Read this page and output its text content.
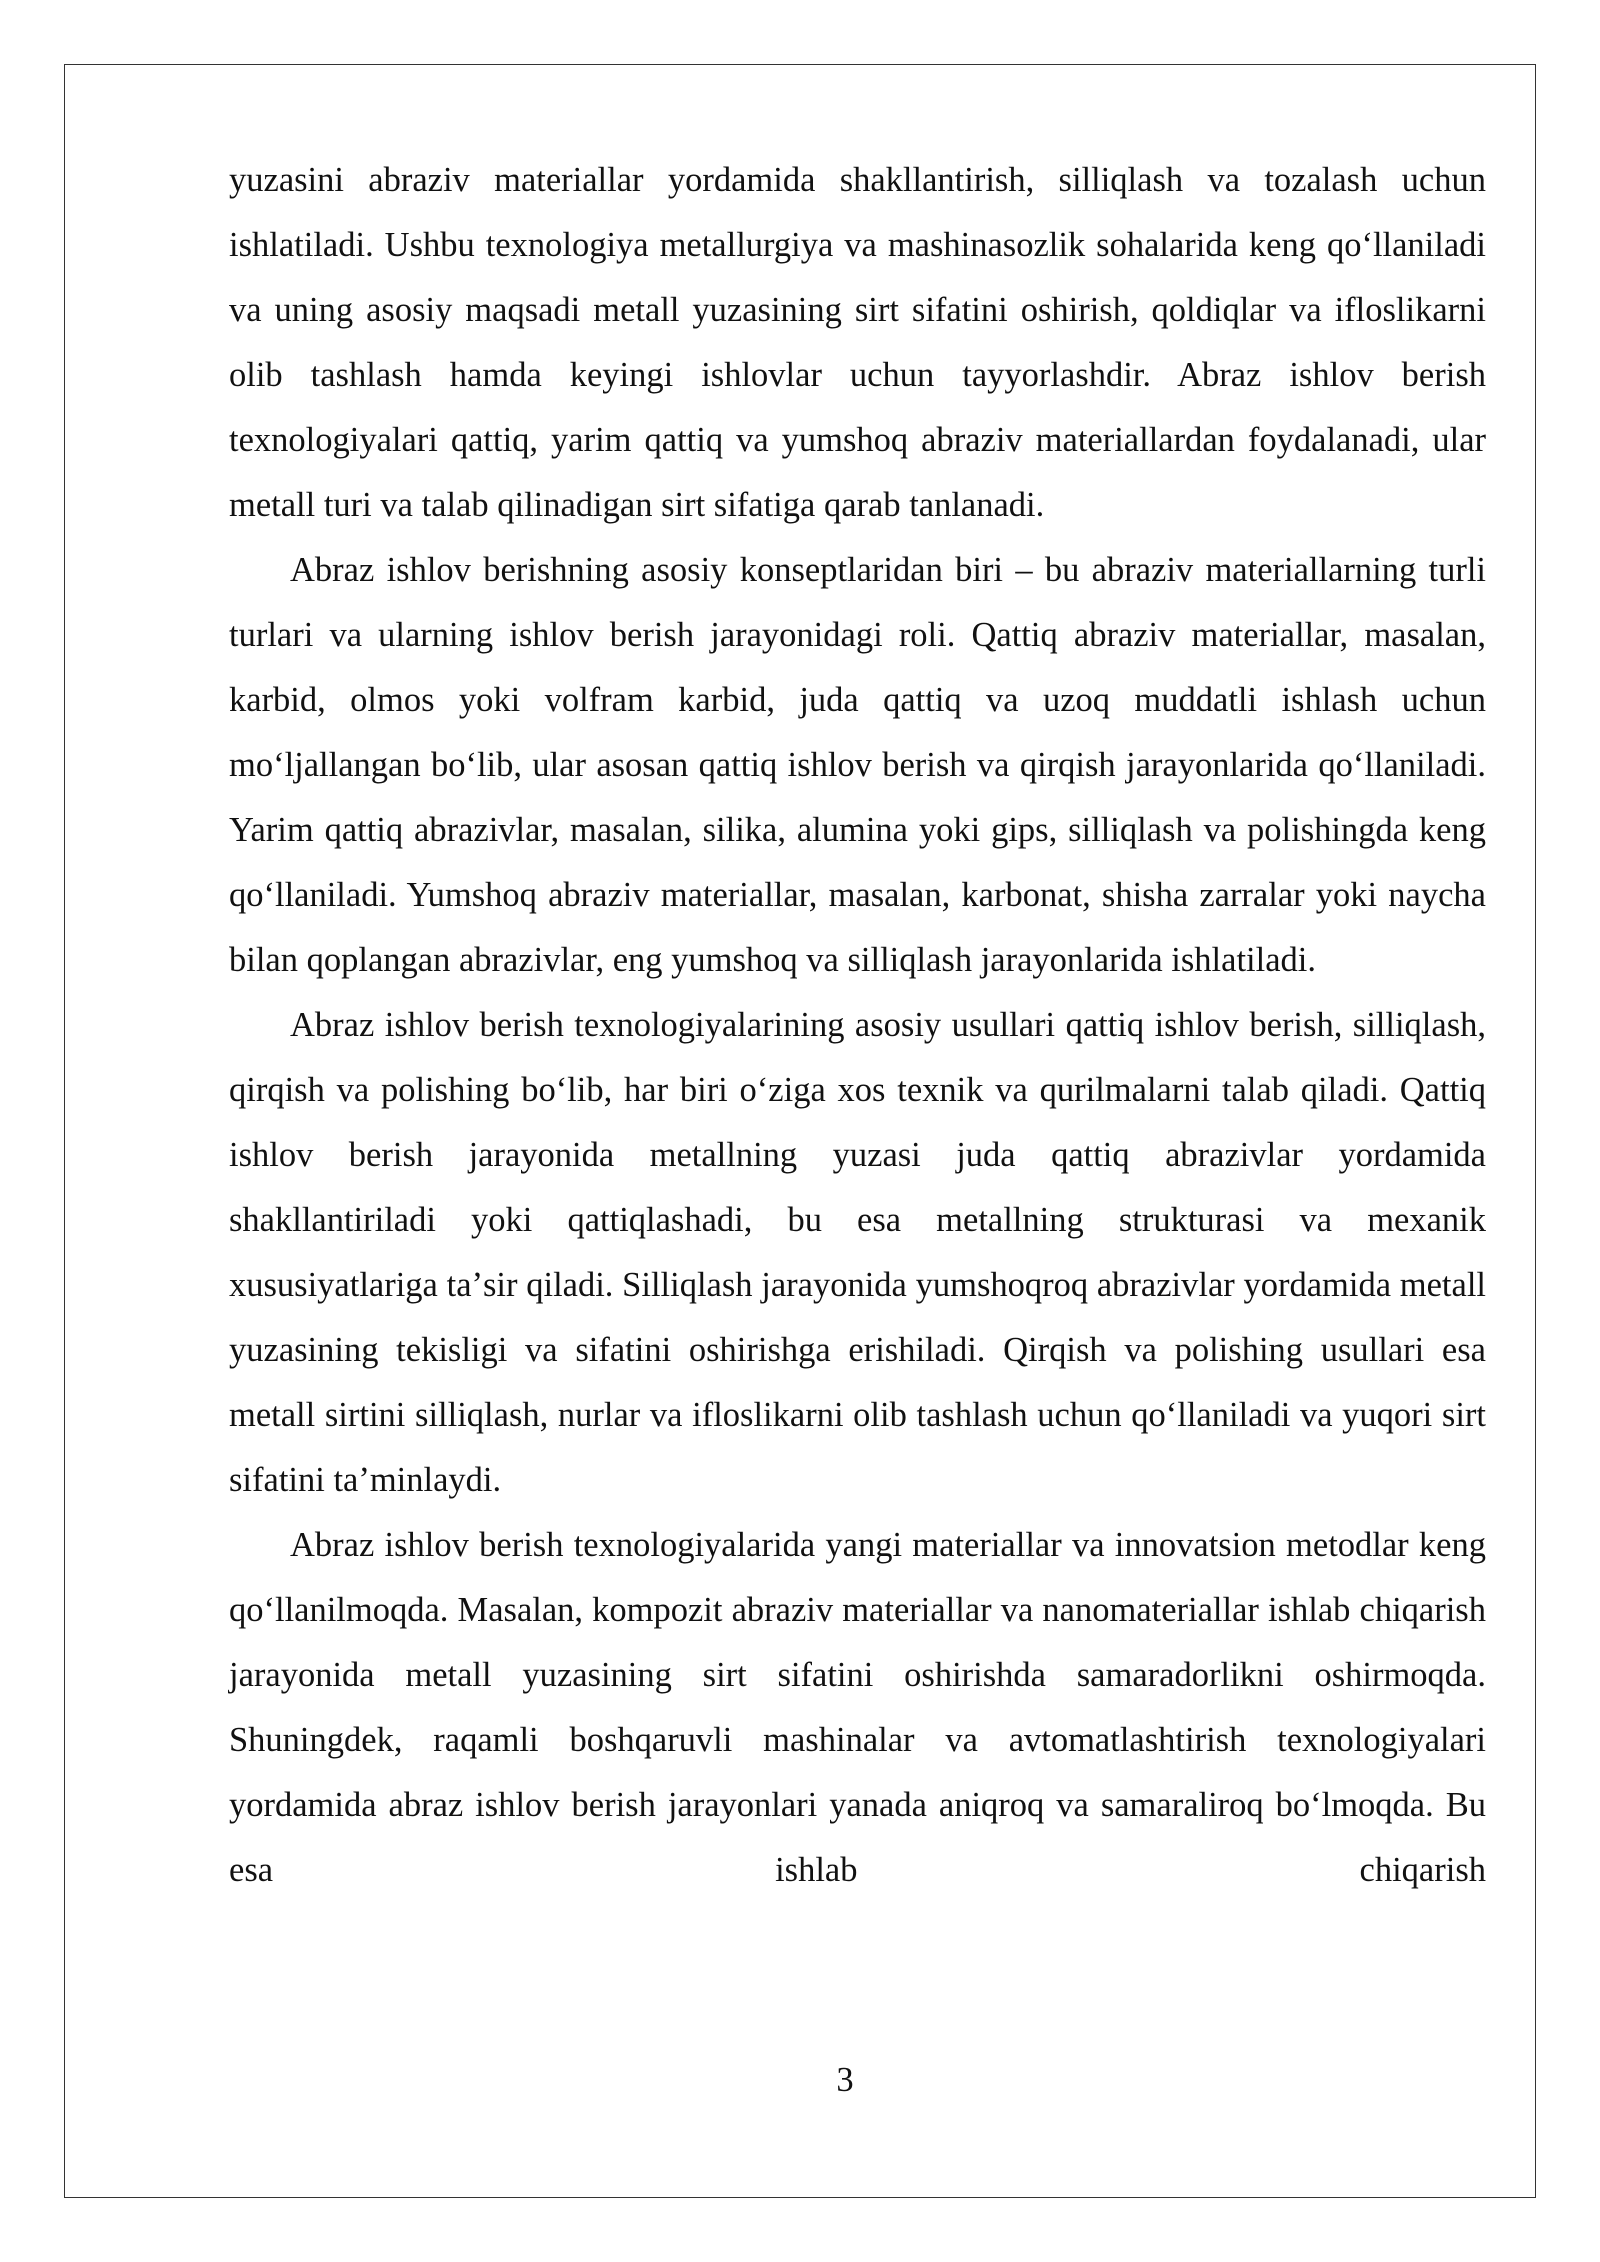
yuzasini abraziv materiallar yordamida shakllantirish, silliqlash va tozalash uchun ishlatiladi. Ushbu texnologiya metallurgiya va mashinasozlik sohalarida keng qoʻllaniladi va uning asosiy maqsadi metall yuzasining sirt sifatini oshirish, qoldiqlar va ifloslikarni olib tashlash hamda keyingi ishlovlar uchun tayyorlashdir. Abraz ishlov berish texnologiyalari qattiq, yarim qattiq va yumshoq abraziv materiallardan foydalanadi, ular metall turi va talab qilinadigan sirt sifatiga qarab tanlanadi.

Abraz ishlov berishning asosiy konseptlaridan biri – bu abraziv materiallarning turli turlari va ularning ishlov berish jarayonidagi roli. Qattiq abraziv materiallar, masalan, karbid, olmos yoki volfram karbid, juda qattiq va uzoq muddatli ishlash uchun moʻljallangan boʻlib, ular asosan qattiq ishlov berish va qirqish jarayonlarida qoʻllaniladi. Yarim qattiq abrazivlar, masalan, silika, alumina yoki gips, silliqlash va polishingda keng qoʻllaniladi. Yumshoq abraziv materiallar, masalan, karbonat, shisha zarralar yoki naycha bilan qoplangan abrazivlar, eng yumshoq va silliqlash jarayonlarida ishlatiladi.

Abraz ishlov berish texnologiyalarining asosiy usullari qattiq ishlov berish, silliqlash, qirqish va polishing boʻlib, har biri oʻziga xos texnik va qurilmalarni talab qiladi. Qattiq ishlov berish jarayonida metallning yuzasi juda qattiq abrazivlar yordamida shakllantiriladi yoki qattiqlashadi, bu esa metallning strukturasi va mexanik xususiyatlariga taʼsir qiladi. Silliqlash jarayonida yumshoqroq abrazivlar yordamida metall yuzasining tekisligi va sifatini oshirishga erishiladi. Qirqish va polishing usullari esa metall sirtini silliqlash, nurlar va ifloslikarni olib tashlash uchun qoʻllaniladi va yuqori sirt sifatini taʼminlaydi.

Abraz ishlov berish texnologiyalarida yangi materiallar va innovatsion metodlar keng qoʻllanilmoqda. Masalan, kompozit abraziv materiallar va nanomateriallar ishlab chiqarish jarayonida metall yuzasining sirt sifatini oshirishda samaradorlikni oshirmoqda. Shuningdek, raqamli boshqaruvli mashinalar va avtomatlashtirish texnologiyalari yordamida abraz ishlov berish jarayonlari yanada aniqroq va samaraliroq boʻlmoqda. Bu esa ishlab chiqarish

3
